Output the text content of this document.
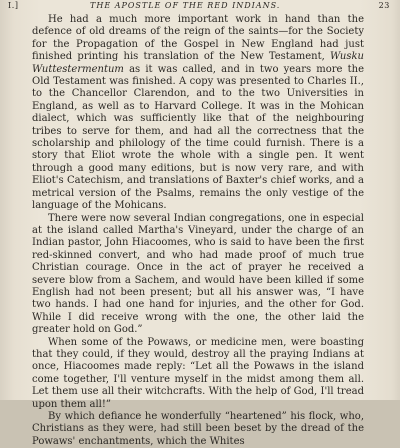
I.]	THE APOSTLE OF THE RED INDIANS.	23

He had a much more important work in hand than the defence of old dreams of the reign of the saints—for the Society for the Propagation of the Gospel in New England had just finished printing his translation of the New Testament, Wusku Wuttestermentum as it was called, and in two years more the Old Testament was finished. A copy was presented to Charles II., to the Chancellor Clarendon, and to the two Universities in England, as well as to Harvard College. It was in the Mohican dialect, which was sufficiently like that of the neighbouring tribes to serve for them, and had all the correctness that the scholarship and philology of the time could furnish. There is a story that Eliot wrote the whole with a single pen. It went through a good many editions, but is now very rare, and with Eliot's Catechism, and translations of Baxter's chief works, and a metrical version of the Psalms, remains the only vestige of the language of the Mohicans.

There were now several Indian congregations, one in especial at the island called Martha's Vineyard, under the charge of an Indian pastor, John Hiacoomes, who is said to have been the first red-skinned convert, and who had made proof of much true Christian courage. Once in the act of prayer he received a severe blow from a Sachem, and would have been killed if some English had not been present; but all his answer was, “I have two hands. I had one hand for injuries, and the other for God. While I did receive wrong with the one, the other laid the greater hold on God.”

When some of the Powaws, or medicine men, were boasting that they could, if they would, destroy all the praying Indians at once, Hiacoomes made reply: “Let all the Powaws in the island come together, I'll venture myself in the midst among them all. Let them use all their witchcrafts. With the help of God, I'll tread upon them all!”

By which defiance he wonderfully “heartened” his flock, who, Christians as they were, had still been beset by the dread of the Powaws' enchantments, which the Whites
